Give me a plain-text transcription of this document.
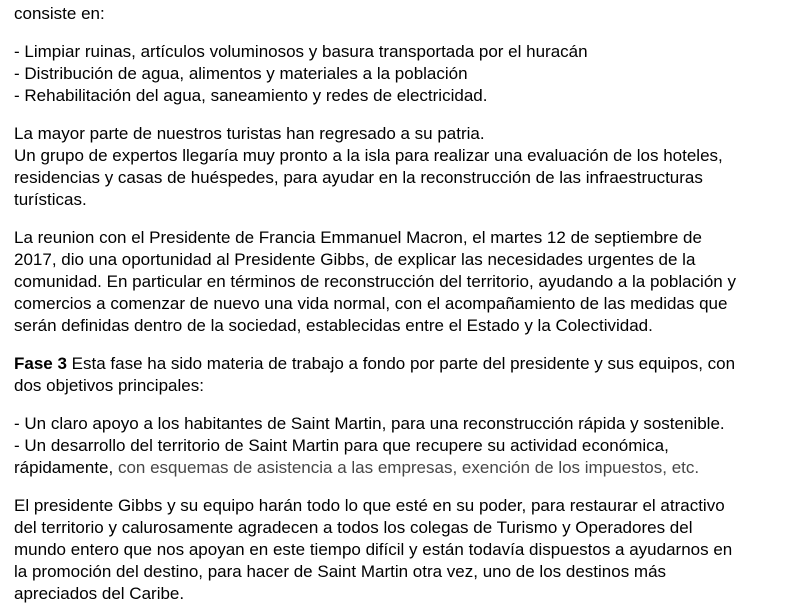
consiste en:
- Limpiar ruinas, artículos voluminosos y basura transportada por el huracán
- Distribución de agua, alimentos y materiales a la población
- Rehabilitación del agua, saneamiento y redes de electricidad.
La mayor parte de nuestros turistas han regresado a su patria.
Un grupo de expertos llegaría muy pronto a la isla para realizar una evaluación de los hoteles,
residencias y casas de huéspedes, para ayudar en la reconstrucción de las infraestructuras
turísticas.
La reunion con el Presidente de Francia Emmanuel Macron, el martes 12 de septiembre de
2017, dio una oportunidad al Presidente Gibbs, de explicar las necesidades urgentes de la
comunidad. En particular en términos de reconstrucción del territorio, ayudando a la población y
comercios a comenzar de nuevo una vida normal, con el acompañamiento de las medidas que
serán definidas dentro de la sociedad, establecidas entre el Estado y la Colectividad.
Fase 3 Esta fase ha sido materia de trabajo a fondo por parte del presidente y sus equipos, con
dos objetivos principales:
- Un claro apoyo a los habitantes de Saint Martin, para una reconstrucción rápida y sostenible.
- Un desarrollo del territorio de Saint Martin para que recupere su actividad económica,
rápidamente, con esquemas de asistencia a las empresas, exención de los impuestos, etc.
El presidente Gibbs y su equipo harán todo lo que esté en su poder, para restaurar el atractivo
del territorio y calurosamente agradecen a todos los colegas de Turismo y Operadores del
mundo entero que nos apoyan en este tiempo difícil y están todavía dispuestos a ayudarnos en
la promoción del destino, para hacer de Saint Martin otra vez, uno de los destinos más
apreciados del Caribe.
